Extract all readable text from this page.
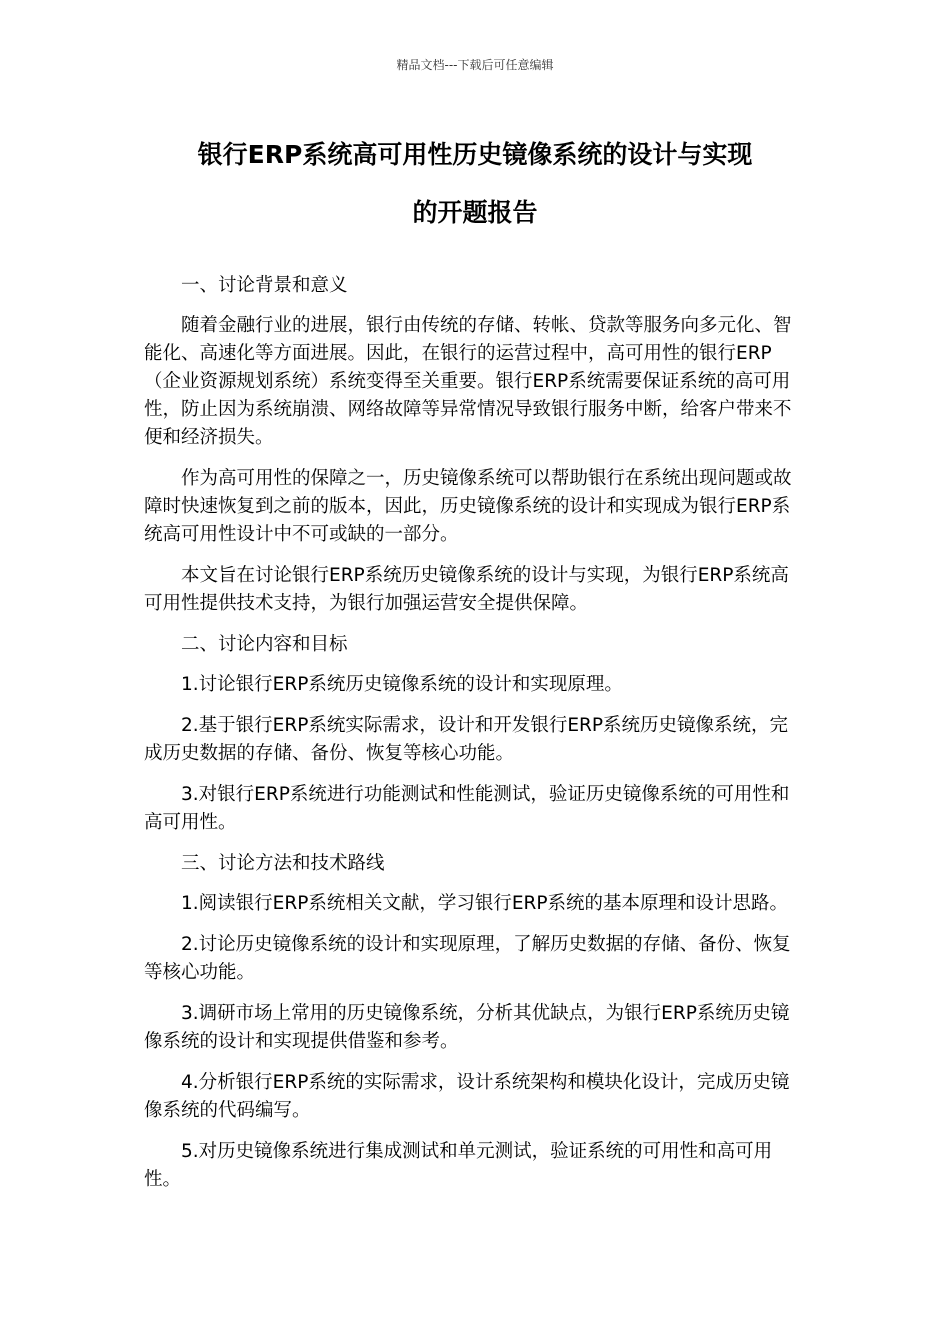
精品文档---下载后可任意编辑
银行ERP系统高可用性历史镜像系统的设计与实现
的开题报告

一、讨论背景和意义

随着金融行业的进展，银行由传统的存储、转帐、贷款等服务向多元化、智能化、高速化等方面进展。因此，在银行的运营过程中，高可用性的银行ERP（企业资源规划系统）系统变得至关重要。银行ERP系统需要保证系统的高可用性，防止因为系统崩溃、网络故障等异常情况导致银行服务中断，给客户带来不便和经济损失。

作为高可用性的保障之一，历史镜像系统可以帮助银行在系统出现问题或故障时快速恢复到之前的版本，因此，历史镜像系统的设计和实现成为银行ERP系统高可用性设计中不可或缺的一部分。

本文旨在讨论银行ERP系统历史镜像系统的设计与实现，为银行ERP系统高可用性提供技术支持，为银行加强运营安全提供保障。

二、讨论内容和目标

1.讨论银行ERP系统历史镜像系统的设计和实现原理。

2.基于银行ERP系统实际需求，设计和开发银行ERP系统历史镜像系统，完成历史数据的存储、备份、恢复等核心功能。

3.对银行ERP系统进行功能测试和性能测试，验证历史镜像系统的可用性和高可用性。

三、讨论方法和技术路线

1.阅读银行ERP系统相关文献，学习银行ERP系统的基本原理和设计思路。

2.讨论历史镜像系统的设计和实现原理，了解历史数据的存储、备份、恢复等核心功能。

3.调研市场上常用的历史镜像系统，分析其优缺点，为银行ERP系统历史镜像系统的设计和实现提供借鉴和参考。

4.分析银行ERP系统的实际需求，设计系统架构和模块化设计，完成历史镜像系统的代码编写。

5.对历史镜像系统进行集成测试和单元测试，验证系统的可用性和高可用性。
